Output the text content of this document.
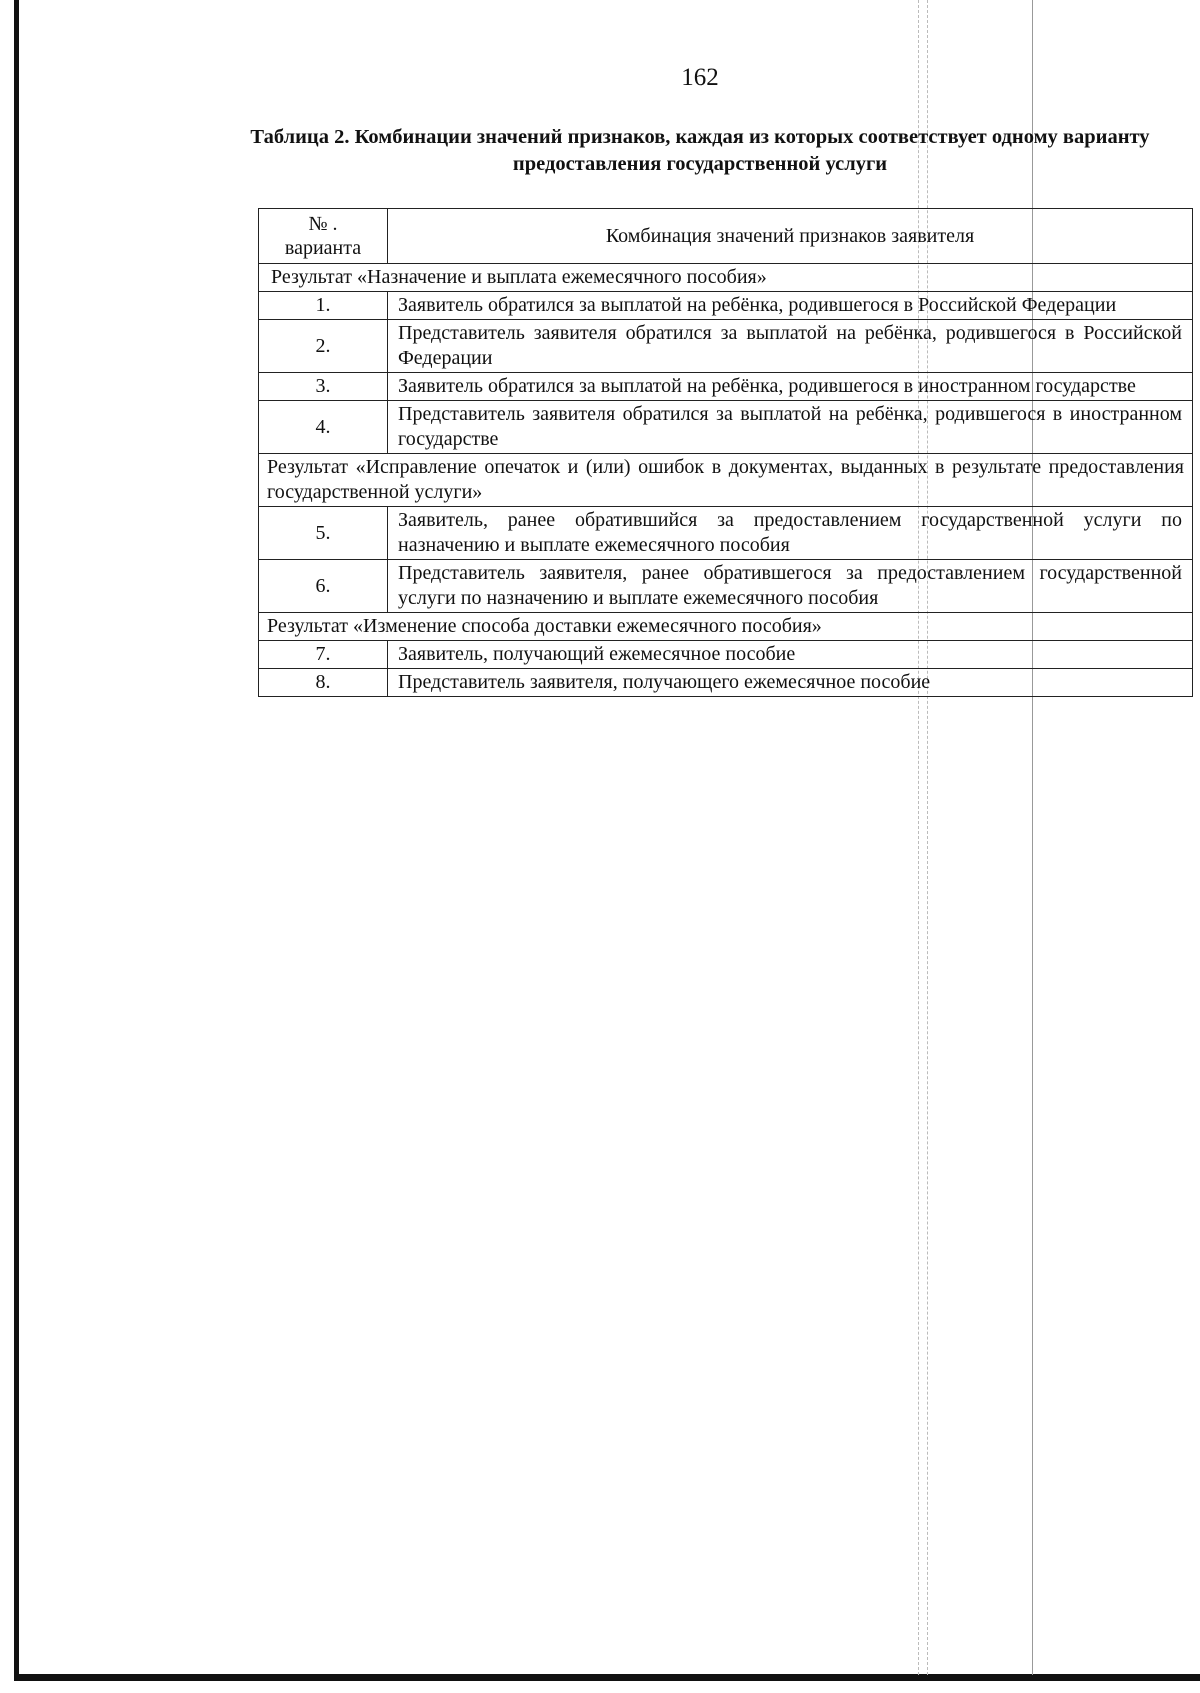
162
Таблица 2. Комбинации значений признаков, каждая из которых соответствует одному варианту предоставления государственной услуги
№ .
варианта	Комбинация значений признаков заявителя
Результат «Назначение и выплата ежемесячного пособия»	
1.	Заявитель обратился за выплатой на ребёнка, родившегося в Российской Федерации
2.	Представитель заявителя обратился за выплатой на ребёнка, родившегося в Российской Федерации
3.	Заявитель обратился за выплатой на ребёнка, родившегося в иностранном государстве
4.	Представитель заявителя обратился за выплатой на ребёнка, родившегося в иностранном государстве
Результат «Исправление опечаток и (или) ошибок в документах, выданных в результате предоставления государственной услуги»	
5.	Заявитель, ранее обратившийся за предоставлением государственной услуги по назначению и выплате ежемесячного пособия
6.	Представитель заявителя, ранее обратившегося за предоставлением государственной услуги по назначению и выплате ежемесячного пособия
Результат «Изменение способа доставки ежемесячного пособия»	
7.	Заявитель, получающий ежемесячное пособие
8.	Представитель заявителя, получающего ежемесячное пособие
